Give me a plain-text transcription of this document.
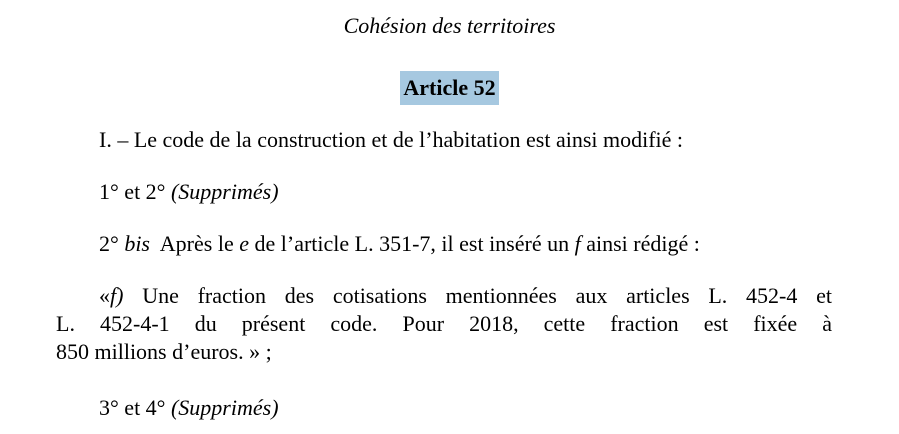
Cohésion des territoires
Article 52
I. – Le code de la construction et de l’habitation est ainsi modifié :
1° et 2° (Supprimés)
2° bis Après le e de l’article L. 351-7, il est inséré un f ainsi rédigé :
«f) Une fraction des cotisations mentionnées aux articles L. 452-4 et
L. 452-4-1 du présent code. Pour 2018, cette fraction est fixée à
850 millions d’euros. » ;
3° et 4° (Supprimés)
